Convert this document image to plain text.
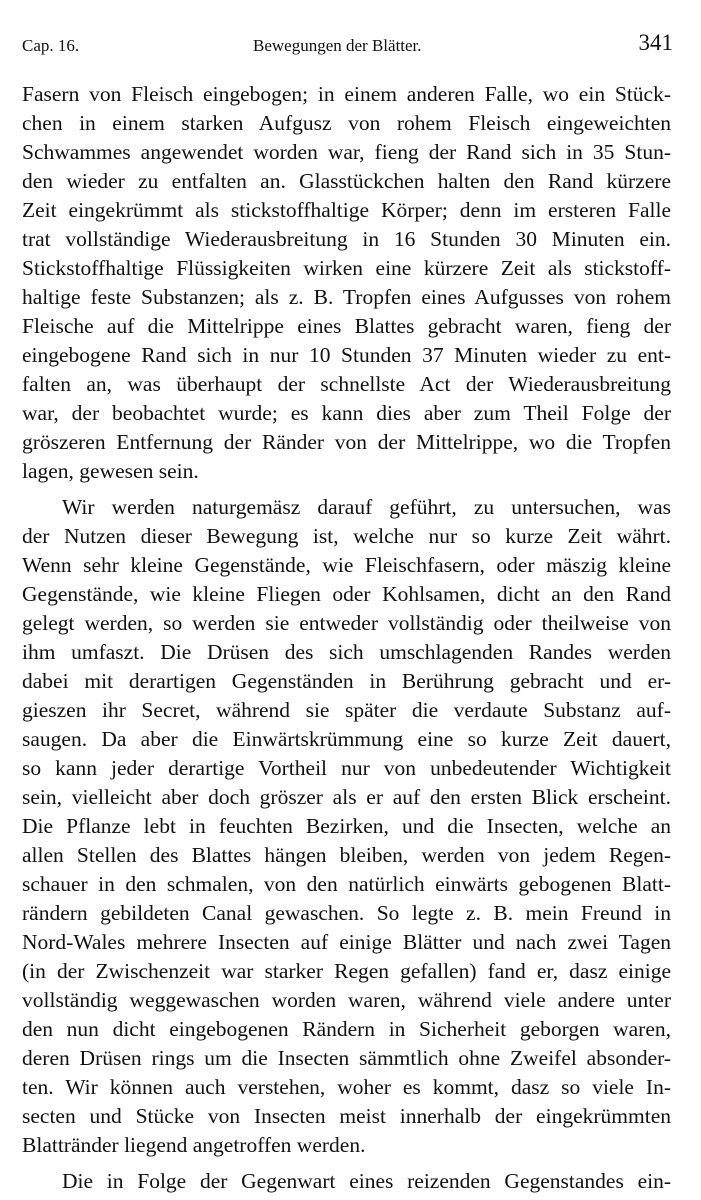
Cap. 16.	Bewegungen der Blätter.	341
Fasern von Fleisch eingebogen; in einem anderen Falle, wo ein Stück-
chen in einem starken Aufgusz von rohem Fleisch eingeweichten
Schwammes angewendet worden war, fieng der Rand sich in 35 Stun-
den wieder zu entfalten an. Glasstückchen halten den Rand kürzere
Zeit eingekrümmt als stickstoffhaltige Körper; denn im ersteren Falle
trat vollständige Wiederausbreitung in 16 Stunden 30 Minuten ein.
Stickstoffhaltige Flüssigkeiten wirken eine kürzere Zeit als stickstoff-
haltige feste Substanzen; als z. B. Tropfen eines Aufgusses von rohem
Fleische auf die Mittelrippe eines Blattes gebracht waren, fieng der
eingebogene Rand sich in nur 10 Stunden 37 Minuten wieder zu ent-
falten an, was überhaupt der schnellste Act der Wiederausbreitung
war, der beobachtet wurde; es kann dies aber zum Theil Folge der
gröszeren Entfernung der Ränder von der Mittelrippe, wo die Tropfen
lagen, gewesen sein.
Wir werden naturgemäsz darauf geführt, zu untersuchen, was
der Nutzen dieser Bewegung ist, welche nur so kurze Zeit währt.
Wenn sehr kleine Gegenstände, wie Fleischfasern, oder mäszig kleine
Gegenstände, wie kleine Fliegen oder Kohlsamen, dicht an den Rand
gelegt werden, so werden sie entweder vollständig oder theilweise von
ihm umfaszt. Die Drüsen des sich umschlagenden Randes werden
dabei mit derartigen Gegenständen in Berührung gebracht und er-
gieszen ihr Secret, während sie später die verdaute Substanz auf-
saugen. Da aber die Einwärtskrümmung eine so kurze Zeit dauert,
so kann jeder derartige Vortheil nur von unbedeutender Wichtigkeit
sein, vielleicht aber doch gröszer als er auf den ersten Blick erscheint.
Die Pflanze lebt in feuchten Bezirken, und die Insecten, welche an
allen Stellen des Blattes hängen bleiben, werden von jedem Regen-
schauer in den schmalen, von den natürlich einwärts gebogenen Blatt-
rändern gebildeten Canal gewaschen. So legte z. B. mein Freund in
Nord-Wales mehrere Insecten auf einige Blätter und nach zwei Tagen
(in der Zwischenzeit war starker Regen gefallen) fand er, dasz einige
vollständig weggewaschen worden waren, während viele andere unter
den nun dicht eingebogenen Rändern in Sicherheit geborgen waren,
deren Drüsen rings um die Insecten sämmtlich ohne Zweifel absonder-
ten. Wir können auch verstehen, woher es kommt, dasz so viele In-
secten und Stücke von Insecten meist innerhalb der eingekrümmten
Blattränder liegend angetroffen werden.
Die in Folge der Gegenwart eines reizenden Gegenstandes ein-
